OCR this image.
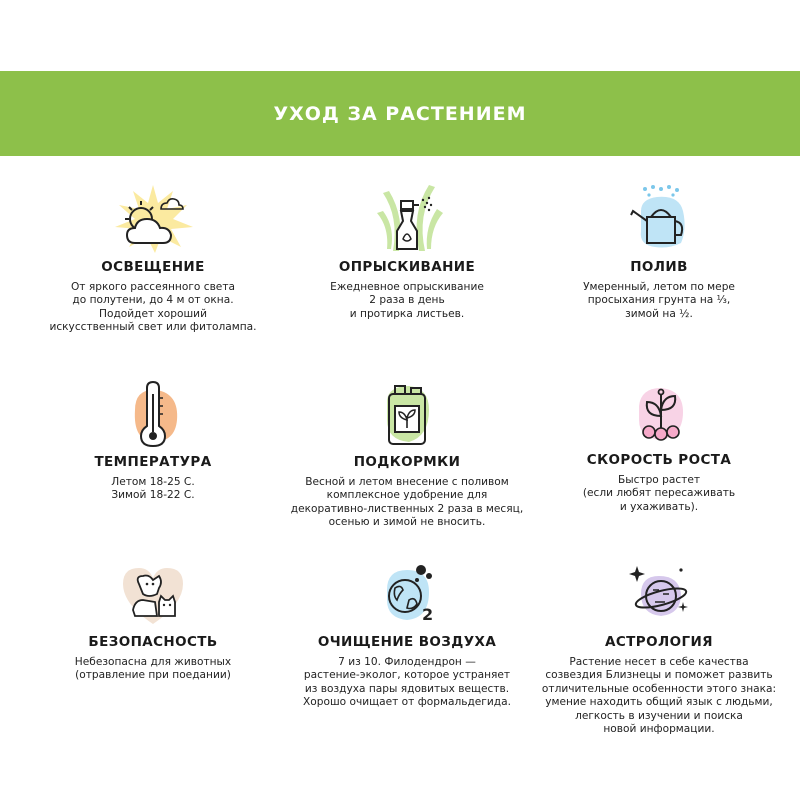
УХОД ЗА РАСТЕНИЕМ
ОСВЕЩЕНИЕ
От яркого рассеянного света
до полутени, до 4 м от окна.
Подойдет хороший
искусственный свет или фитолампа.
ОПРЫСКИВАНИЕ
Ежедневное опрыскивание
2 раза в день
и протирка листьев.
ПОЛИВ
Умеренный, летом по мере
просыхания грунта на ⅓,
зимой на ½.
ТЕМПЕРАТУРА
Летом 18-25 С.
Зимой 18-22 С.
ПОДКОРМКИ
Весной и летом внесение с поливом
комплексное удобрение для
декоративно-лиственных 2 раза в месяц,
осенью и зимой не вносить.
СКОРОСТЬ РОСТА
Быстро растет
(если любят пересаживать
и ухаживать).
БЕЗОПАСНОСТЬ
Небезопасна для животных
(отравление при поедании)
2
ОЧИЩЕНИЕ ВОЗДУХА
7 из 10. Филодендрон —
растение-эколог, которое устраняет
из воздуха пары ядовитых веществ.
Хорошо очищает от формальдегида.
АСТРОЛОГИЯ
Растение несет в себе качества
созвездия Близнецы и поможет развить
отличительные особенности этого знака:
умение находить общий язык с людьми,
легкость в изучении и поиска
новой информации.
